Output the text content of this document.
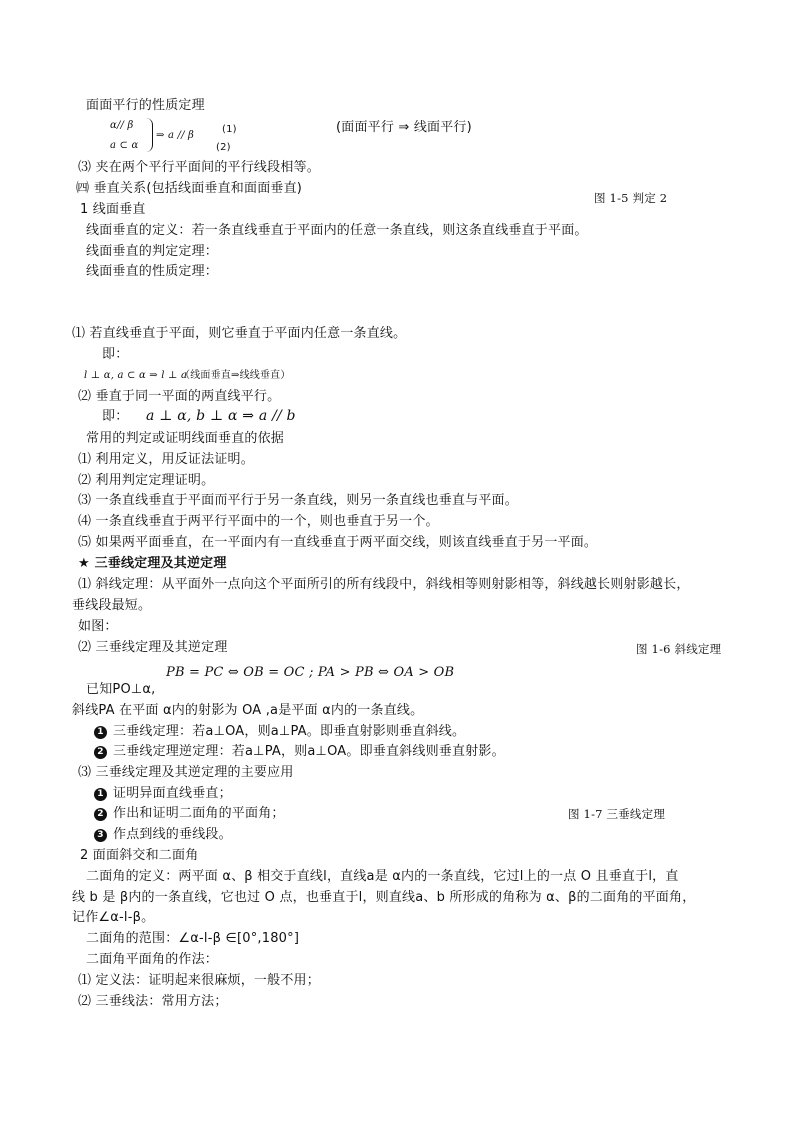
面面平行的性质定理
α// β
a ⊂ α
⇒ a // β
(1)
(2)
(面面平行 ⇒ 线面平行)
⑶ 夹在两个平行平面间的平行线段相等。
㈣ 垂直关系(包括线面垂直和面面垂直)
图 1-5 判定 2
1 线面垂直
线面垂直的定义：若一条直线垂直于平面内的任意一条直线，则这条直线垂直于平面。
线面垂直的判定定理：
线面垂直的性质定理：
⑴ 若直线垂直于平面，则它垂直于平面内任意一条直线。
即：
l ⊥ α, a ⊂ α ⇒ l ⊥ a
（线面垂直⇒线线垂直）
⑵ 垂直于同一平面的两直线平行。
即： a ⊥ α, b ⊥ α ⇒ a // b
常用的判定或证明线面垂直的依据
⑴ 利用定义，用反证法证明。
⑵ 利用判定定理证明。
⑶ 一条直线垂直于平面而平行于另一条直线，则另一条直线也垂直与平面。
⑷ 一条直线垂直于两平行平面中的一个，则也垂直于另一个。
⑸ 如果两平面垂直，在一平面内有一直线垂直于两平面交线，则该直线垂直于另一平面。
★ 三垂线定理及其逆定理
⑴ 斜线定理：从平面外一点向这个平面所引的所有线段中，斜线相等则射影相等，斜线越长则射影越长，
垂线段最短。
如图：
⑵ 三垂线定理及其逆定理	图 1-6 斜线定理
PB = PC ⇔ OB = OC ; PA > PB ⇔ OA > OB
已知PO⊥α,
斜线PA 在平面 α内的射影为 OA ,a是平面 α内的一条直线。
1 三垂线定理：若a⊥OA，则a⊥PA。即垂直射影则垂直斜线。
2 三垂线定理逆定理：若a⊥PA，则a⊥OA。即垂直斜线则垂直射影。
⑶ 三垂线定理及其逆定理的主要应用
1 证明异面直线垂直；
2 作出和证明二面角的平面角；	图 1-7 三垂线定理
3 作点到线的垂线段。
2 面面斜交和二面角
二面角的定义：两平面 α、β 相交于直线l，直线a是 α内的一条直线，它过l上的一点 O 且垂直于l，直
线 b 是 β内的一条直线，它也过 O 点，也垂直于l，则直线a、b 所形成的角称为 α、β的二面角的平面角，
记作∠α-l-β。
二面角的范围：∠α-l-β ∈[0°,180°]
二面角平面角的作法：
⑴ 定义法：证明起来很麻烦，一般不用；
⑵ 三垂线法：常用方法；
